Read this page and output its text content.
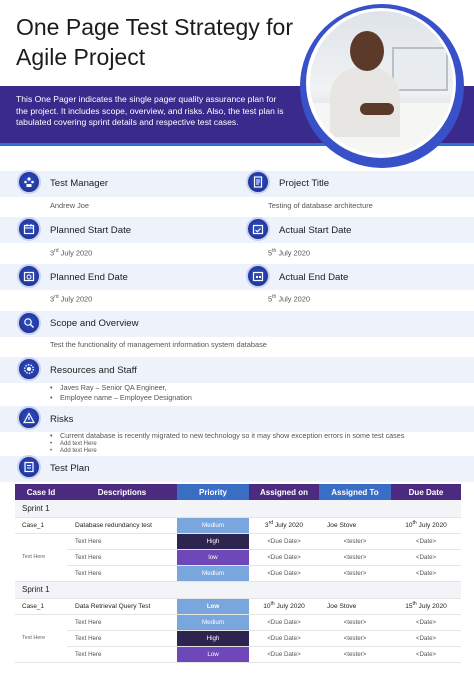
One Page Test Strategy for
Agile Project
This One Pager indicates the single pager quality assurance plan for the project. It includes scope, overview, and risks. Also, the test plan is tabulated covering sprint details and respective test cases.
Test Manager
Andrew Joe
Project Title
Testing of database architecture
Planned Start Date
3rd July 2020
Actual Start Date
5th July 2020
Planned End Date
3rd July 2020
Actual End Date
5th July 2020
Scope and Overview
Test the functionality of management information system database
Resources and Staff
• Javes Ray – Senior QA Engineer,
• Employee name – Employee Designation
Risks
• Current database is recently migrated to new technology so it may show exception errors in some test cases
• Add text Here
• Add text Here
Test Plan
Case Id	Descriptions	Priority	Assigned on	Assigned To	Due Date
Sprint 1					
Case_1	Database redundancy test	Medium	3rd July 2020	Joe Stove	10th July 2020
Text Here	Text Here	High	<Due Date>	<tester>	<Date>
	Text Here	low	<Due Date>	<tester>	<Date>
	Text Here	Medium	<Due Date>	<tester>	<Date>
Sprint 1					
Case_1	Data Retrieval Query Test	Low	10th July 2020	Joe Stove	15th July 2020
Text Here	Text Here	Medium	<Due Date>	<tester>	<Date>
	Text Here	High	<Due Date>	<tester>	<Date>
	Text Here	Low	<Due Date>	<tester>	<Date>
